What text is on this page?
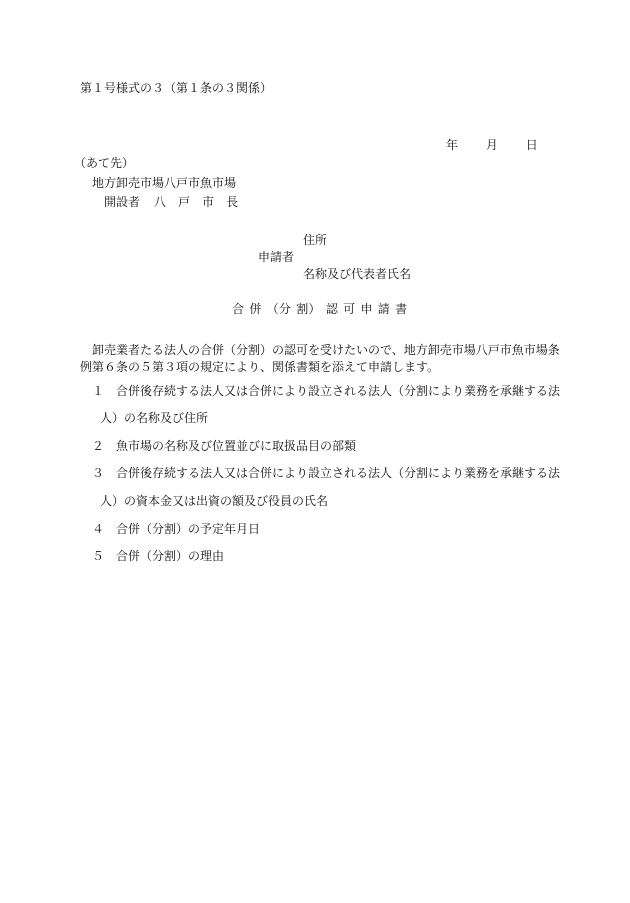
第１号様式の３（第１条の３関係）
年 月 日
（あて先）
地方卸売市場八戸市魚市場
開設者 八 戸 市 長
住所
申請者
名称及び代表者氏名
合 併 （分 割） 認 可 申 請 書
卸売業者たる法人の合併（分割）の認可を受けたいので、地方卸売市場八戸市魚市場条例第６条の５第３項の規定により、関係書類を添えて申請します。
１ 合併後存続する法人又は合併により設立される法人（分割により業務を承継する法
人）の名称及び住所
２ 魚市場の名称及び位置並びに取扱品目の部類
３ 合併後存続する法人又は合併により設立される法人（分割により業務を承継する法
人）の資本金又は出資の額及び役員の氏名
４ 合併（分割）の予定年月日
５ 合併（分割）の理由
